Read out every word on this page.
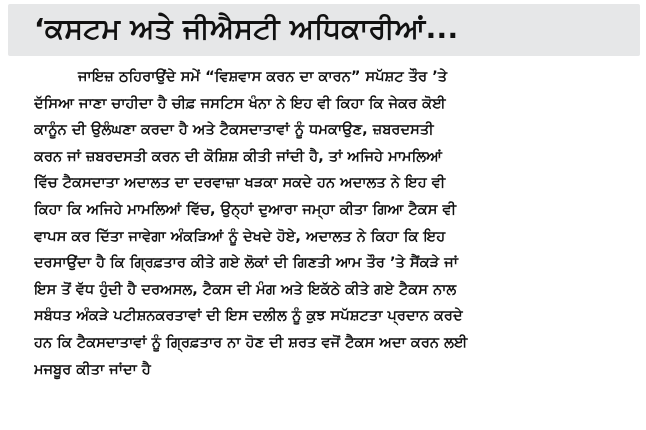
‘ਕਸਟਮ ਅਤੇ ਜੀਐਸਟੀ ਅਧਿਕਾਰੀਆਂ...
ਜਾਇਜ਼ ਠਹਿਰਾਉਂਦੇ ਸਮੇਂ “ਵਿਸ਼ਵਾਸ ਕਰਨ ਦਾ ਕਾਰਨ” ਸਪੱਸ਼ਟ ਤੌਰ ’ਤੇ
ਦੱਸਿਆ ਜਾਣਾ ਚਾਹੀਦਾ ਹੈ ਚੀਫ਼ ਜਸਟਿਸ ਖੰਨਾ ਨੇ ਇਹ ਵੀ ਕਿਹਾ ਕਿ ਜੇਕਰ ਕੋਈ
ਕਾਨੂੰਨ ਦੀ ਉਲੰਘਣਾ ਕਰਦਾ ਹੈ ਅਤੇ ਟੈਕਸਦਾਤਾਵਾਂ ਨੂੰ ਧਮਕਾਉਣ, ਜ਼ਬਰਦਸਤੀ
ਕਰਨ ਜਾਂ ਜ਼ਬਰਦਸਤੀ ਕਰਨ ਦੀ ਕੋਸ਼ਿਸ਼ ਕੀਤੀ ਜਾਂਦੀ ਹੈ, ਤਾਂ ਅਜਿਹੇ ਮਾਮਲਿਆਂ
ਵਿੱਚ ਟੈਕਸਦਾਤਾ ਅਦਾਲਤ ਦਾ ਦਰਵਾਜ਼ਾ ਖੜਕਾ ਸਕਦੇ ਹਨ ਅਦਾਲਤ ਨੇ ਇਹ ਵੀ
ਕਿਹਾ ਕਿ ਅਜਿਹੇ ਮਾਮਲਿਆਂ ਵਿੱਚ, ਉਨ੍ਹਾਂ ਦੁਆਰਾ ਜਮ੍ਹਾ ਕੀਤਾ ਗਿਆ ਟੈਕਸ ਵੀ
ਵਾਪਸ ਕਰ ਦਿੱਤਾ ਜਾਵੇਗਾ ਅੰਕੜਿਆਂ ਨੂੰ ਦੇਖਦੇ ਹੋਏ, ਅਦਾਲਤ ਨੇ ਕਿਹਾ ਕਿ ਇਹ
ਦਰਸਾਉਂਦਾ ਹੈ ਕਿ ਗ੍ਰਿਫ਼ਤਾਰ ਕੀਤੇ ਗਏ ਲੋਕਾਂ ਦੀ ਗਿਣਤੀ ਆਮ ਤੌਰ ’ਤੇ ਸੈਂਕੜੇ ਜਾਂ
ਇਸ ਤੋਂ ਵੱਧ ਹੁੰਦੀ ਹੈ ਦਰਅਸਲ, ਟੈਕਸ ਦੀ ਮੰਗ ਅਤੇ ਇਕੱਠੇ ਕੀਤੇ ਗਏ ਟੈਕਸ ਨਾਲ
ਸਬੰਧਤ ਅੰਕੜੇ ਪਟੀਸ਼ਨਕਰਤਾਵਾਂ ਦੀ ਇਸ ਦਲੀਲ ਨੂੰ ਕੁਝ ਸਪੱਸ਼ਟਤਾ ਪ੍ਰਦਾਨ ਕਰਦੇ
ਹਨ ਕਿ ਟੈਕਸਦਾਤਾਵਾਂ ਨੂੰ ਗ੍ਰਿਫ਼ਤਾਰ ਨਾ ਹੋਣ ਦੀ ਸ਼ਰਤ ਵਜੋਂ ਟੈਕਸ ਅਦਾ ਕਰਨ ਲਈ
ਮਜਬੂਰ ਕੀਤਾ ਜਾਂਦਾ ਹੈ
